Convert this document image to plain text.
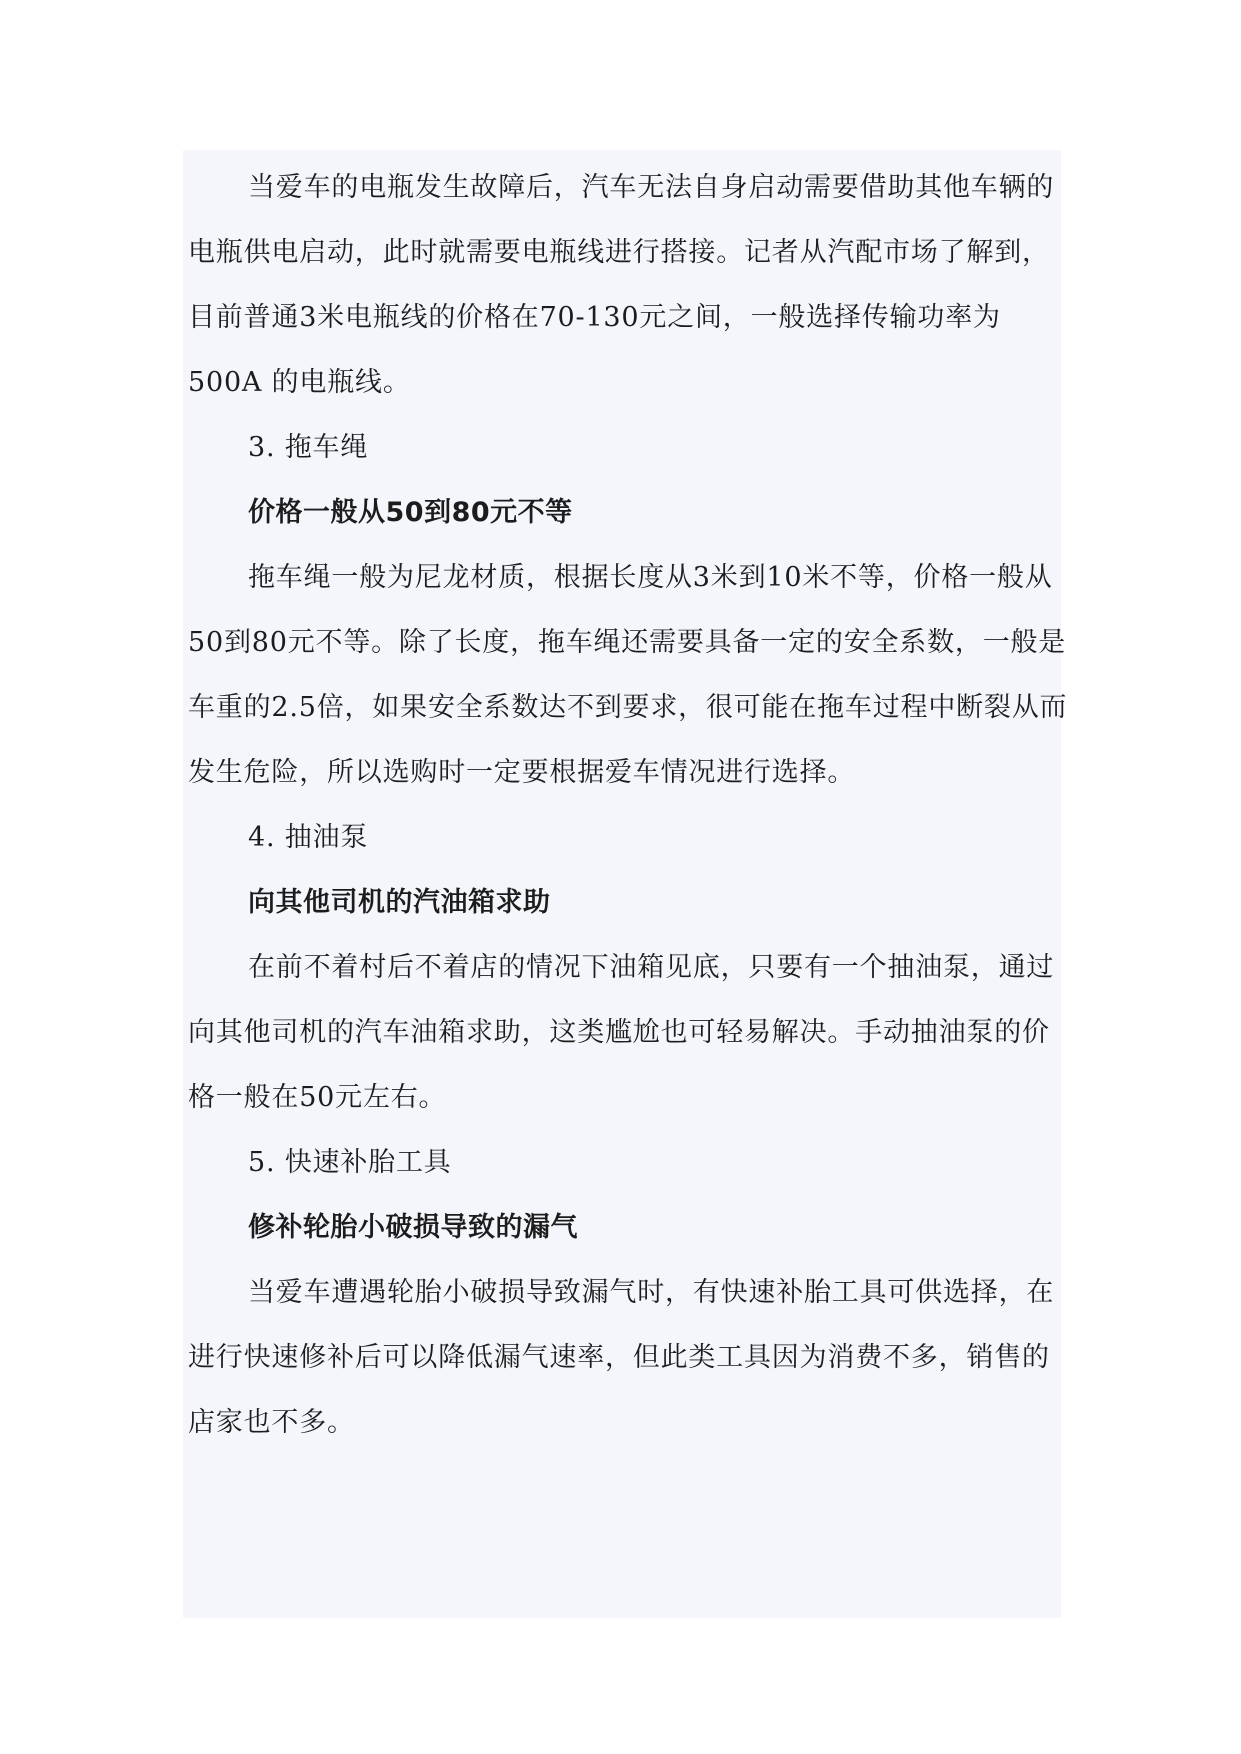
当爱车的电瓶发生故障后，汽车无法自身启动需要借助其他车辆的电瓶供电启动，此时就需要电瓶线进行搭接。记者从汽配市场了解到，目前普通3米电瓶线的价格在70-130元之间，一般选择传输功率为500A 的电瓶线。

3. 拖车绳

价格一般从50到80元不等

拖车绳一般为尼龙材质，根据长度从3米到10米不等，价格一般从50到80元不等。除了长度，拖车绳还需要具备一定的安全系数，一般是车重的2.5倍，如果安全系数达不到要求，很可能在拖车过程中断裂从而发生危险，所以选购时一定要根据爱车情况进行选择。

4. 抽油泵

向其他司机的汽油箱求助

在前不着村后不着店的情况下油箱见底，只要有一个抽油泵，通过向其他司机的汽车油箱求助，这类尴尬也可轻易解决。手动抽油泵的价格一般在50元左右。

5. 快速补胎工具

修补轮胎小破损导致的漏气

当爱车遭遇轮胎小破损导致漏气时，有快速补胎工具可供选择，在进行快速修补后可以降低漏气速率，但此类工具因为消费不多，销售的店家也不多。
